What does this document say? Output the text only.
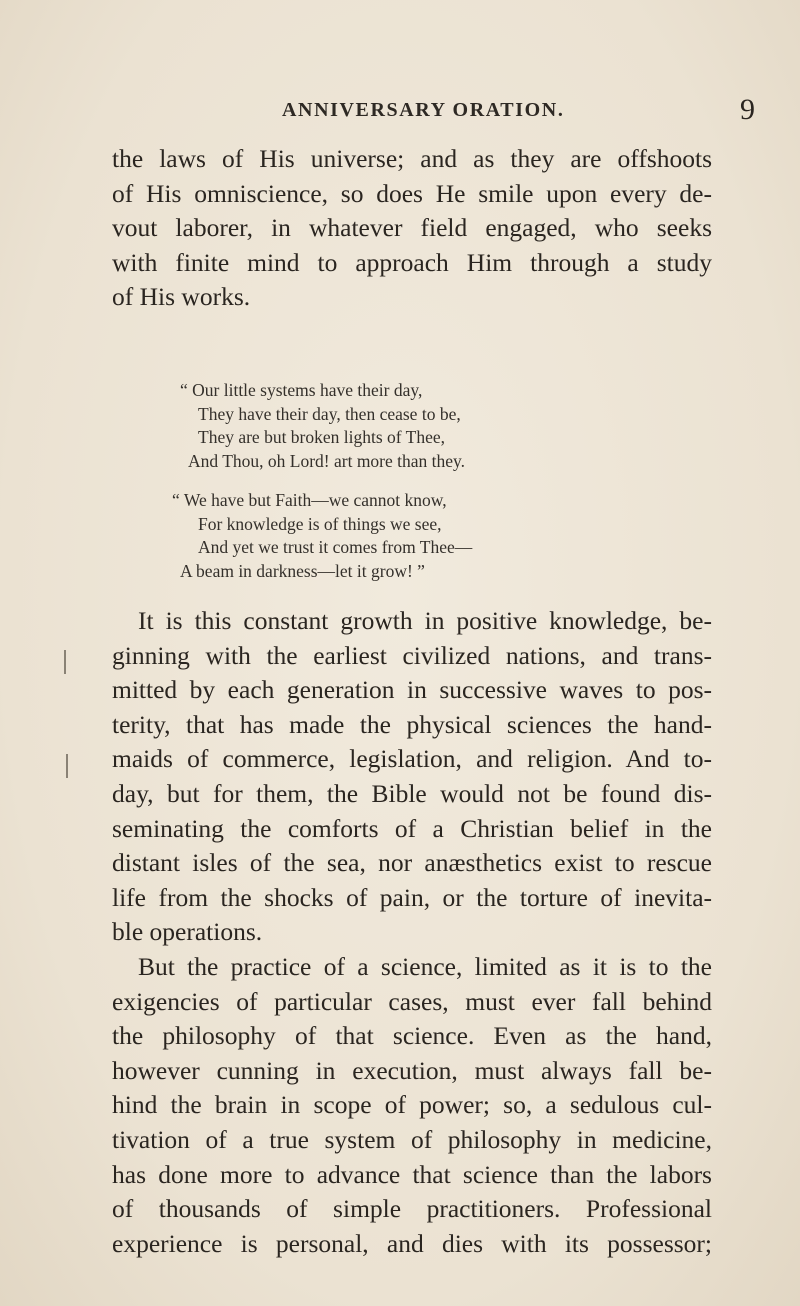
ANNIVERSARY ORATION.	9
the laws of His universe; and as they are offshoots
of His omniscience, so does He smile upon every de-
vout laborer, in whatever field engaged, who seeks
with finite mind to approach Him through a study
of His works.
“ Our little systems have their day,
They have their day, then cease to be,
They are but broken lights of Thee,
And Thou, oh Lord! art more than they.
“ We have but Faith—we cannot know,
For knowledge is of things we see,
And yet we trust it comes from Thee—
A beam in darkness—let it grow! ”
It is this constant growth in positive knowledge, be-
ginning with the earliest civilized nations, and trans-
mitted by each generation in successive waves to pos-
terity, that has made the physical sciences the hand-
maids of commerce, legislation, and religion. And to-
day, but for them, the Bible would not be found dis-
seminating the comforts of a Christian belief in the
distant isles of the sea, nor anæsthetics exist to rescue
life from the shocks of pain, or the torture of inevita-
ble operations.
But the practice of a science, limited as it is to the
exigencies of particular cases, must ever fall behind
the philosophy of that science. Even as the hand,
however cunning in execution, must always fall be-
hind the brain in scope of power; so, a sedulous cul-
tivation of a true system of philosophy in medicine,
has done more to advance that science than the labors
of thousands of simple practitioners. Professional
experience is personal, and dies with its possessor;
